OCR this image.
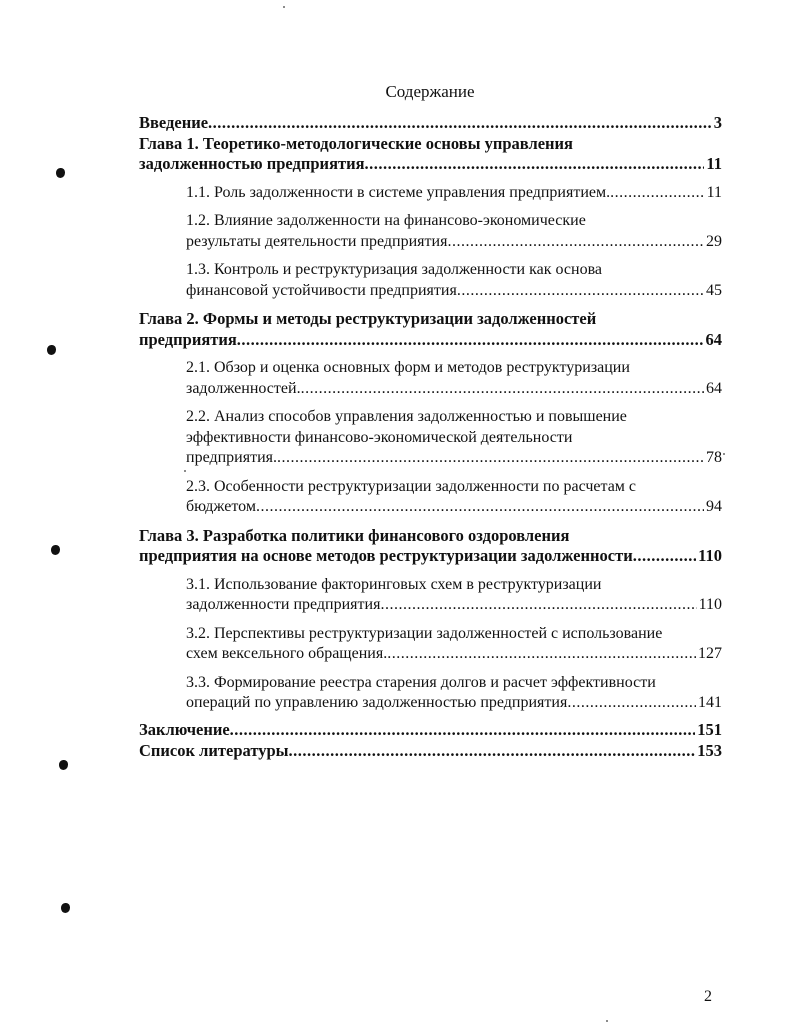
Содержание
Введение .....	3
Глава 1. Теоретико-методологические основы управления
задолженностью предприятия .....	11
1.1. Роль задолженности в системе управления предприятием. .....	11
1.2. Влияние задолженности на финансово-экономические
результаты деятельности предприятия .....	29
1.3. Контроль и реструктуризация задолженности как основа
финансовой устойчивости предприятия .....	45
Глава 2. Формы и методы реструктуризации задолженностей
предприятия .....	64
2.1. Обзор и оценка основных форм и методов реструктуризации
задолженностей. .....	64
2.2. Анализ способов управления задолженностью и повышение
эффективности финансово-экономической деятельности
предприятия. .....	78
2.3. Особенности реструктуризации задолженности по расчетам с
бюджетом .....	94
Глава 3. Разработка политики финансового оздоровления
предприятия на основе методов реструктуризации задолженности .....	110
3.1. Использование факторинговых схем в реструктуризации
задолженности предприятия .....	110
3.2. Перспективы реструктуризации задолженностей с использование
схем вексельного обращения. .....	127
3.3. Формирование реестра старения долгов и расчет эффективности
операций по управлению задолженностью предприятия .....	141
Заключение .....	151
Список литературы .....	153
2
